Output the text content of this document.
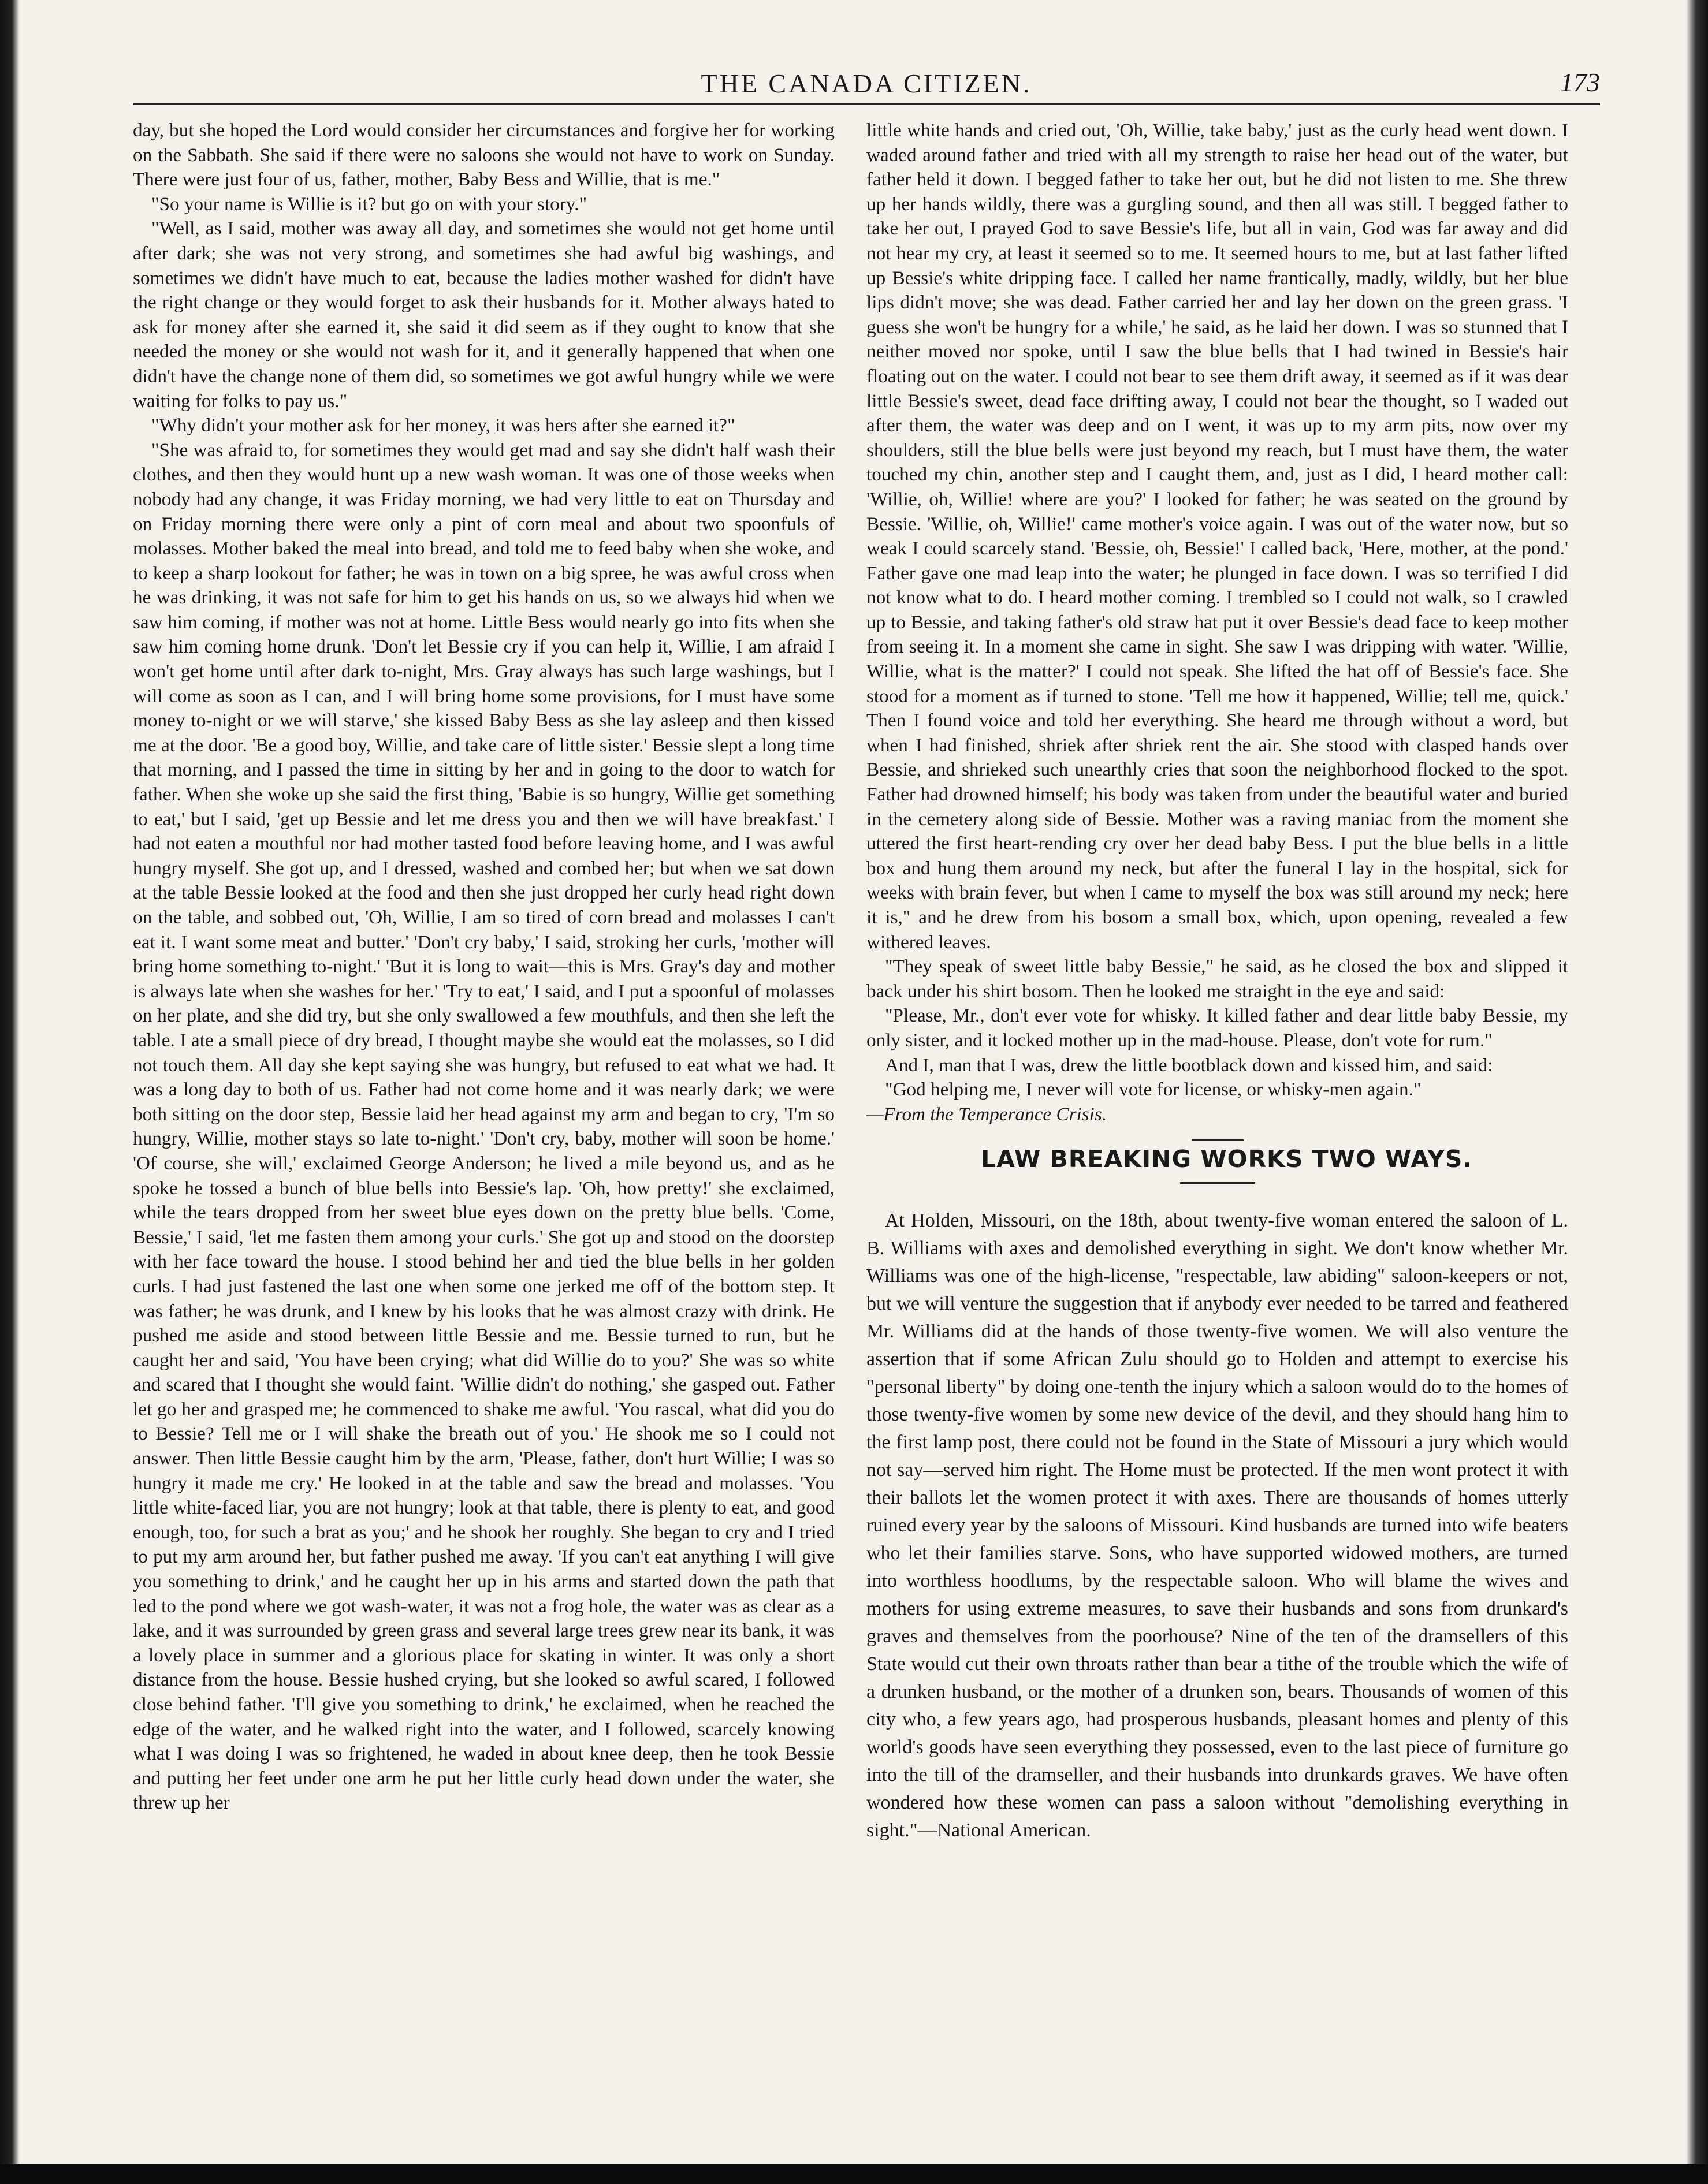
THE CANADA CITIZEN.	173

day, but she hoped the Lord would consider her circumstances and forgive her for working on the Sabbath. She said if there were no saloons she would not have to work on Sunday. There were just four of us, father, mother, Baby Bess and Willie, that is me."

"So your name is Willie is it? but go on with your story."

"Well, as I said, mother was away all day, and sometimes she would not get home until after dark; she was not very strong, and sometimes she had awful big washings, and sometimes we didn't have much to eat, because the ladies mother washed for didn't have the right change or they would forget to ask their husbands for it. Mother always hated to ask for money after she earned it, she said it did seem as if they ought to know that she needed the money or she would not wash for it, and it generally happened that when one didn't have the change none of them did, so sometimes we got awful hungry while we were waiting for folks to pay us."

"Why didn't your mother ask for her money, it was hers after she earned it?"

"She was afraid to, for sometimes they would get mad and say she didn't half wash their clothes, and then they would hunt up a new wash woman. It was one of those weeks when nobody had any change, it was Friday morning, we had very little to eat on Thursday and on Friday morning there were only a pint of corn meal and about two spoonfuls of molasses. Mother baked the meal into bread, and told me to feed baby when she woke, and to keep a sharp lookout for father; he was in town on a big spree, he was awful cross when he was drinking, it was not safe for him to get his hands on us, so we always hid when we saw him coming, if mother was not at home. Little Bess would nearly go into fits when she saw him coming home drunk. 'Don't let Bessie cry if you can help it, Willie, I am afraid I won't get home until after dark to-night, Mrs. Gray always has such large washings, but I will come as soon as I can, and I will bring home some provisions, for I must have some money to-night or we will starve,' she kissed Baby Bess as she lay asleep and then kissed me at the door. 'Be a good boy, Willie, and take care of little sister.' Bessie slept a long time that morning, and I passed the time in sitting by her and in going to the door to watch for father. When she woke up she said the first thing, 'Babie is so hungry, Willie get something to eat,' but I said, 'get up Bessie and let me dress you and then we will have breakfast.' I had not eaten a mouthful nor had mother tasted food before leaving home, and I was awful hungry myself. She got up, and I dressed, washed and combed her; but when we sat down at the table Bessie looked at the food and then she just dropped her curly head right down on the table, and sobbed out, 'Oh, Willie, I am so tired of corn bread and molasses I can't eat it. I want some meat and butter.' 'Don't cry baby,' I said, stroking her curls, 'mother will bring home something to-night.' 'But it is long to wait—this is Mrs. Gray's day and mother is always late when she washes for her.' 'Try to eat,' I said, and I put a spoonful of molasses on her plate, and she did try, but she only swallowed a few mouthfuls, and then she left the table. I ate a small piece of dry bread, I thought maybe she would eat the molasses, so I did not touch them. All day she kept saying she was hungry, but refused to eat what we had. It was a long day to both of us. Father had not come home and it was nearly dark; we were both sitting on the door step, Bessie laid her head against my arm and began to cry, 'I'm so hungry, Willie, mother stays so late to-night.' 'Don't cry, baby, mother will soon be home.' 'Of course, she will,' exclaimed George Anderson; he lived a mile beyond us, and as he spoke he tossed a bunch of blue bells into Bessie's lap. 'Oh, how pretty!' she exclaimed, while the tears dropped from her sweet blue eyes down on the pretty blue bells. 'Come, Bessie,' I said, 'let me fasten them among your curls.' She got up and stood on the doorstep with her face toward the house. I stood behind her and tied the blue bells in her golden curls. I had just fastened the last one when some one jerked me off of the bottom step. It was father; he was drunk, and I knew by his looks that he was almost crazy with drink. He pushed me aside and stood between little Bessie and me. Bessie turned to run, but he caught her and said, 'You have been crying; what did Willie do to you?' She was so white and scared that I thought she would faint. 'Willie didn't do nothing,' she gasped out. Father let go her and grasped me; he commenced to shake me awful. 'You rascal, what did you do to Bessie? Tell me or I will shake the breath out of you.' He shook me so I could not answer. Then little Bessie caught him by the arm, 'Please, father, don't hurt Willie; I was so hungry it made me cry.' He looked in at the table and saw the bread and molasses. 'You little white-faced liar, you are not hungry; look at that table, there is plenty to eat, and good enough, too, for such a brat as you;' and he shook her roughly. She began to cry and I tried to put my arm around her, but father pushed me away. 'If you can't eat anything I will give you something to drink,' and he caught her up in his arms and started down the path that led to the pond where we got wash-water, it was not a frog hole, the water was as clear as a lake, and it was surrounded by green grass and several large trees grew near its bank, it was a lovely place in summer and a glorious place for skating in winter. It was only a short distance from the house. Bessie hushed crying, but she looked so awful scared, I followed close behind father. 'I'll give you something to drink,' he exclaimed, when he reached the edge of the water, and he walked right into the water, and I followed, scarcely knowing what I was doing I was so frightened, he waded in about knee deep, then he took Bessie and putting her feet under one arm he put her little curly head down under the water, she threw up her

little white hands and cried out, 'Oh, Willie, take baby,' just as the curly head went down. I waded around father and tried with all my strength to raise her head out of the water, but father held it down. I begged father to take her out, but he did not listen to me. She threw up her hands wildly, there was a gurgling sound, and then all was still. I begged father to take her out, I prayed God to save Bessie's life, but all in vain, God was far away and did not hear my cry, at least it seemed so to me. It seemed hours to me, but at last father lifted up Bessie's white dripping face. I called her name frantically, madly, wildly, but her blue lips didn't move; she was dead. Father carried her and lay her down on the green grass. 'I guess she won't be hungry for a while,' he said, as he laid her down. I was so stunned that I neither moved nor spoke, until I saw the blue bells that I had twined in Bessie's hair floating out on the water. I could not bear to see them drift away, it seemed as if it was dear little Bessie's sweet, dead face drifting away, I could not bear the thought, so I waded out after them, the water was deep and on I went, it was up to my arm pits, now over my shoulders, still the blue bells were just beyond my reach, but I must have them, the water touched my chin, another step and I caught them, and, just as I did, I heard mother call: 'Willie, oh, Willie! where are you?' I looked for father; he was seated on the ground by Bessie. 'Willie, oh, Willie!' came mother's voice again. I was out of the water now, but so weak I could scarcely stand. 'Bessie, oh, Bessie!' I called back, 'Here, mother, at the pond.' Father gave one mad leap into the water; he plunged in face down. I was so terrified I did not know what to do. I heard mother coming. I trembled so I could not walk, so I crawled up to Bessie, and taking father's old straw hat put it over Bessie's dead face to keep mother from seeing it. In a moment she came in sight. She saw I was dripping with water. 'Willie, Willie, what is the matter?' I could not speak. She lifted the hat off of Bessie's face. She stood for a moment as if turned to stone. 'Tell me how it happened, Willie; tell me, quick.' Then I found voice and told her everything. She heard me through without a word, but when I had finished, shriek after shriek rent the air. She stood with clasped hands over Bessie, and shrieked such unearthly cries that soon the neighborhood flocked to the spot. Father had drowned himself; his body was taken from under the beautiful water and buried in the cemetery along side of Bessie. Mother was a raving maniac from the moment she uttered the first heart-rending cry over her dead baby Bess. I put the blue bells in a little box and hung them around my neck, but after the funeral I lay in the hospital, sick for weeks with brain fever, but when I came to myself the box was still around my neck; here it is," and he drew from his bosom a small box, which, upon opening, revealed a few withered leaves.

"They speak of sweet little baby Bessie," he said, as he closed the box and slipped it back under his shirt bosom. Then he looked me straight in the eye and said:

"Please, Mr., don't ever vote for whisky. It killed father and dear little baby Bessie, my only sister, and it locked mother up in the mad-house. Please, don't vote for rum."

And I, man that I was, drew the little bootblack down and kissed him, and said:

"God helping me, I never will vote for license, or whisky-men again."

—From the Temperance Crisis.

LAW BREAKING WORKS TWO WAYS.

At Holden, Missouri, on the 18th, about twenty-five woman entered the saloon of L. B. Williams with axes and demolished everything in sight. We don't know whether Mr. Williams was one of the high-license, "respectable, law abiding" saloon-keepers or not, but we will venture the suggestion that if anybody ever needed to be tarred and feathered Mr. Williams did at the hands of those twenty-five women. We will also venture the assertion that if some African Zulu should go to Holden and attempt to exercise his "personal liberty" by doing one-tenth the injury which a saloon would do to the homes of those twenty-five women by some new device of the devil, and they should hang him to the first lamp post, there could not be found in the State of Missouri a jury which would not say—served him right. The Home must be protected. If the men wont protect it with their ballots let the women protect it with axes. There are thousands of homes utterly ruined every year by the saloons of Missouri. Kind husbands are turned into wife beaters who let their families starve. Sons, who have supported widowed mothers, are turned into worthless hoodlums, by the respectable saloon. Who will blame the wives and mothers for using extreme measures, to save their husbands and sons from drunkard's graves and themselves from the poorhouse? Nine of the ten of the dramsellers of this State would cut their own throats rather than bear a tithe of the trouble which the wife of a drunken husband, or the mother of a drunken son, bears. Thousands of women of this city who, a few years ago, had prosperous husbands, pleasant homes and plenty of this world's goods have seen everything they possessed, even to the last piece of furniture go into the till of the dramseller, and their husbands into drunkards graves. We have often wondered how these women can pass a saloon without "demolishing everything in sight."—National American.
